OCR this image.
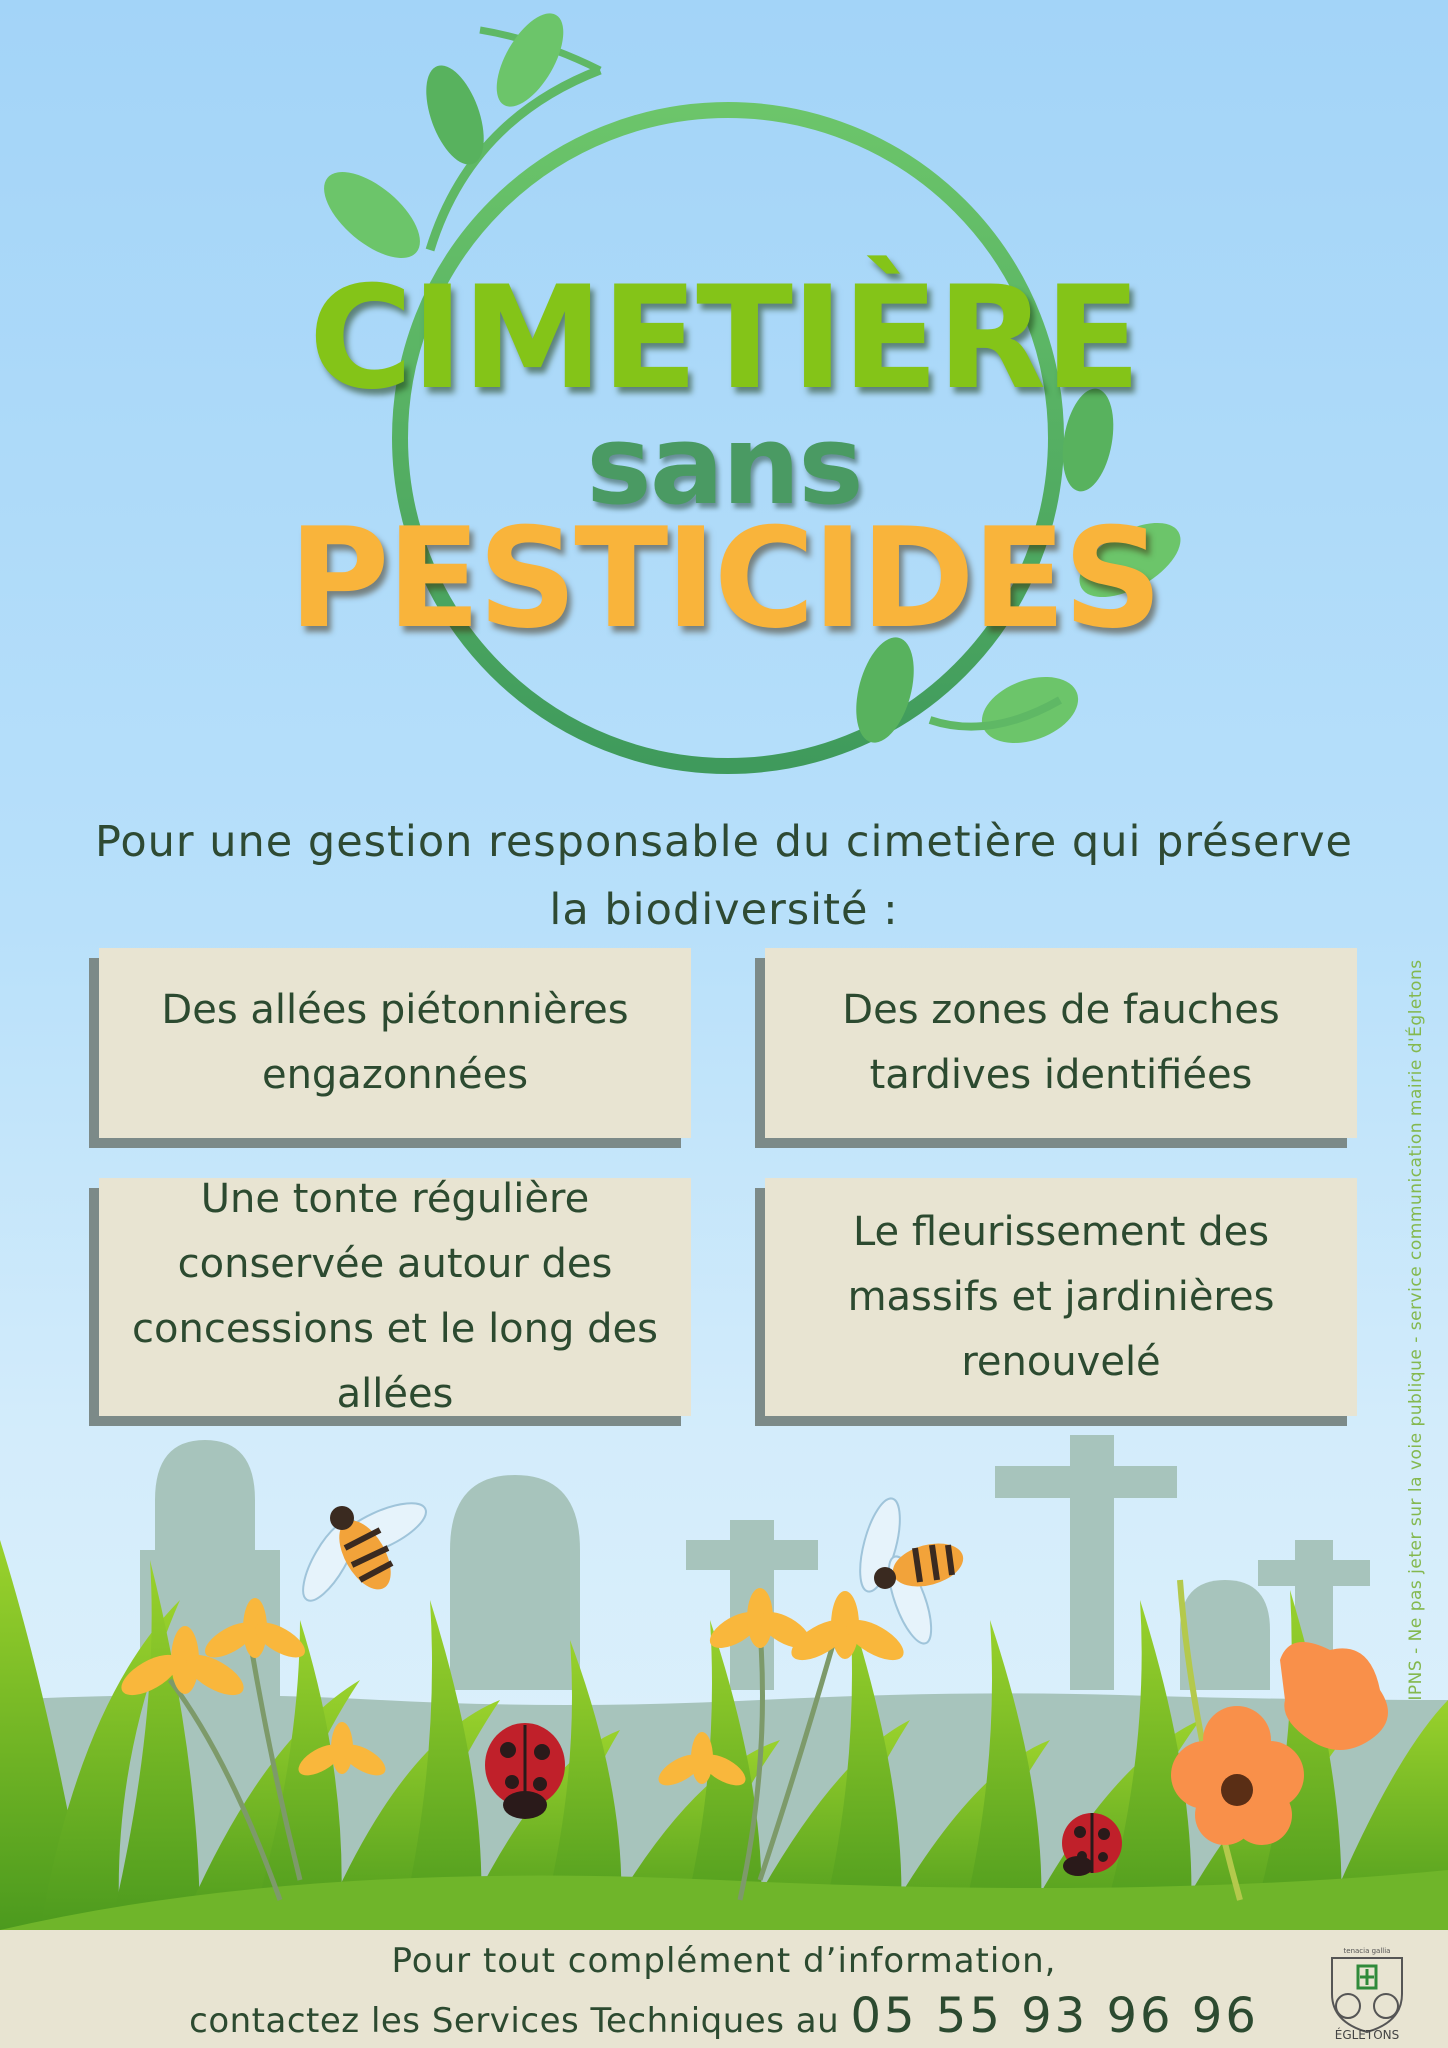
CIMETIÈRE
sans
PESTICIDES
Pour une gestion responsable du cimetière qui préserve
la biodiversité :
Des allées piétonnières
engazonnées
Des zones de fauches
tardives identifiées
Une tonte régulière
conservée autour des
concessions et le long des
allées
Le fleurissement des
massifs et jardinières
renouvelé	IPNS - Ne pas jeter sur la voie publique - service communication mairie d'Égletons
Pour tout complément d’information,
contactez les Services Techniques au 05 55 93 96 96
tenacia gallia
ÉGLETONS
